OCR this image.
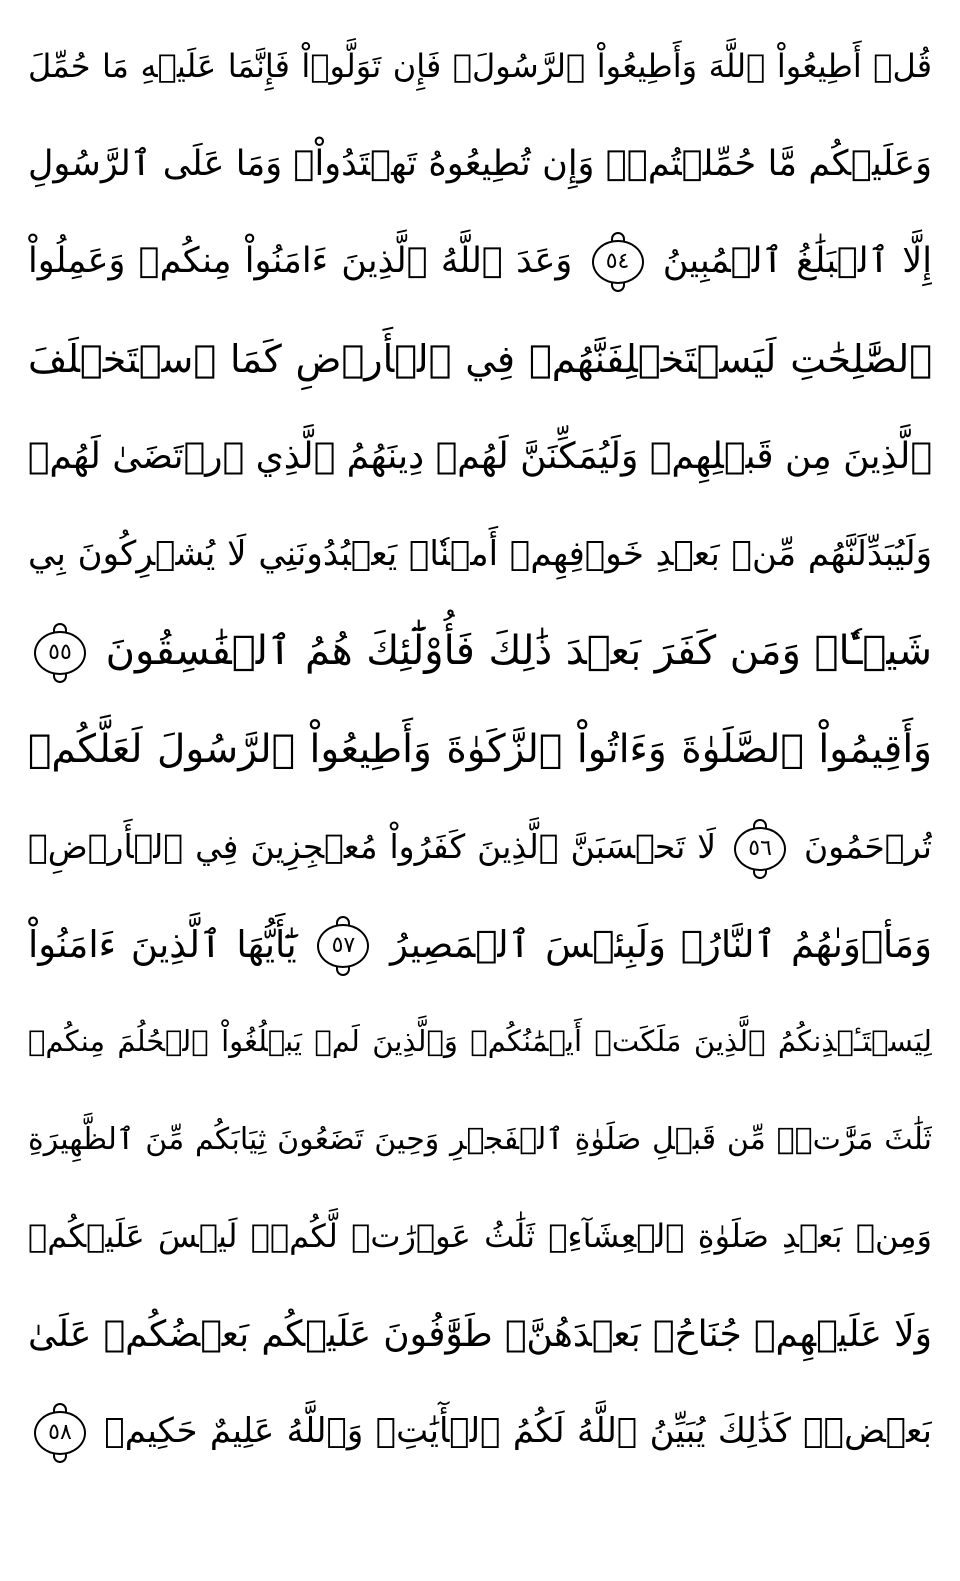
قُلۡ أَطِيعُواْ ٱللَّهَ وَأَطِيعُواْ ٱلرَّسُولَۖ فَإِن تَوَلَّوۡاْ فَإِنَّمَا عَلَيۡهِ مَا حُمِّلَ
وَعَلَيۡكُم مَّا حُمِّلۡتُمۡۖ وَإِن تُطِيعُوهُ تَهۡتَدُواْۚ وَمَا عَلَى ٱلرَّسُولِ
إِلَّا ٱلۡبَلَٰغُ ٱلۡمُبِينُ ٥٤ وَعَدَ ٱللَّهُ ٱلَّذِينَ ءَامَنُواْ مِنكُمۡ وَعَمِلُواْ
ٱلصَّٰلِحَٰتِ لَيَسۡتَخۡلِفَنَّهُمۡ فِي ٱلۡأَرۡضِ كَمَا ٱسۡتَخۡلَفَ
ٱلَّذِينَ مِن قَبۡلِهِمۡ وَلَيُمَكِّنَنَّ لَهُمۡ دِينَهُمُ ٱلَّذِي ٱرۡتَضَىٰ لَهُمۡ
وَلَيُبَدِّلَنَّهُم مِّنۢ بَعۡدِ خَوۡفِهِمۡ أَمۡنٗاۚ يَعۡبُدُونَنِي لَا يُشۡرِكُونَ بِي
شَيۡـٔٗاۚ وَمَن كَفَرَ بَعۡدَ ذَٰلِكَ فَأُوْلَٰٓئِكَ هُمُ ٱلۡفَٰسِقُونَ ٥٥
وَأَقِيمُواْ ٱلصَّلَوٰةَ وَءَاتُواْ ٱلزَّكَوٰةَ وَأَطِيعُواْ ٱلرَّسُولَ لَعَلَّكُمۡ
تُرۡحَمُونَ ٥٦ لَا تَحۡسَبَنَّ ٱلَّذِينَ كَفَرُواْ مُعۡجِزِينَ فِي ٱلۡأَرۡضِۚ
وَمَأۡوَىٰهُمُ ٱلنَّارُۖ وَلَبِئۡسَ ٱلۡمَصِيرُ ٥٧ يَٰٓأَيُّهَا ٱلَّذِينَ ءَامَنُواْ
لِيَسۡتَـٔۡذِنكُمُ ٱلَّذِينَ مَلَكَتۡ أَيۡمَٰنُكُمۡ وَٱلَّذِينَ لَمۡ يَبۡلُغُواْ ٱلۡحُلُمَ مِنكُمۡ
ثَلَٰثَ مَرَّٰتٖۚ مِّن قَبۡلِ صَلَوٰةِ ٱلۡفَجۡرِ وَحِينَ تَضَعُونَ ثِيَابَكُم مِّنَ ٱلظَّهِيرَةِ
وَمِنۢ بَعۡدِ صَلَوٰةِ ٱلۡعِشَآءِۚ ثَلَٰثُ عَوۡرَٰتٖ لَّكُمۡۚ لَيۡسَ عَلَيۡكُمۡ
وَلَا عَلَيۡهِمۡ جُنَاحُۢ بَعۡدَهُنَّۚ طَوَّٰفُونَ عَلَيۡكُم بَعۡضُكُمۡ عَلَىٰ
بَعۡضٖۚ كَذَٰلِكَ يُبَيِّنُ ٱللَّهُ لَكُمُ ٱلۡأٓيَٰتِۗ وَٱللَّهُ عَلِيمٌ حَكِيمٞ ٥٨
